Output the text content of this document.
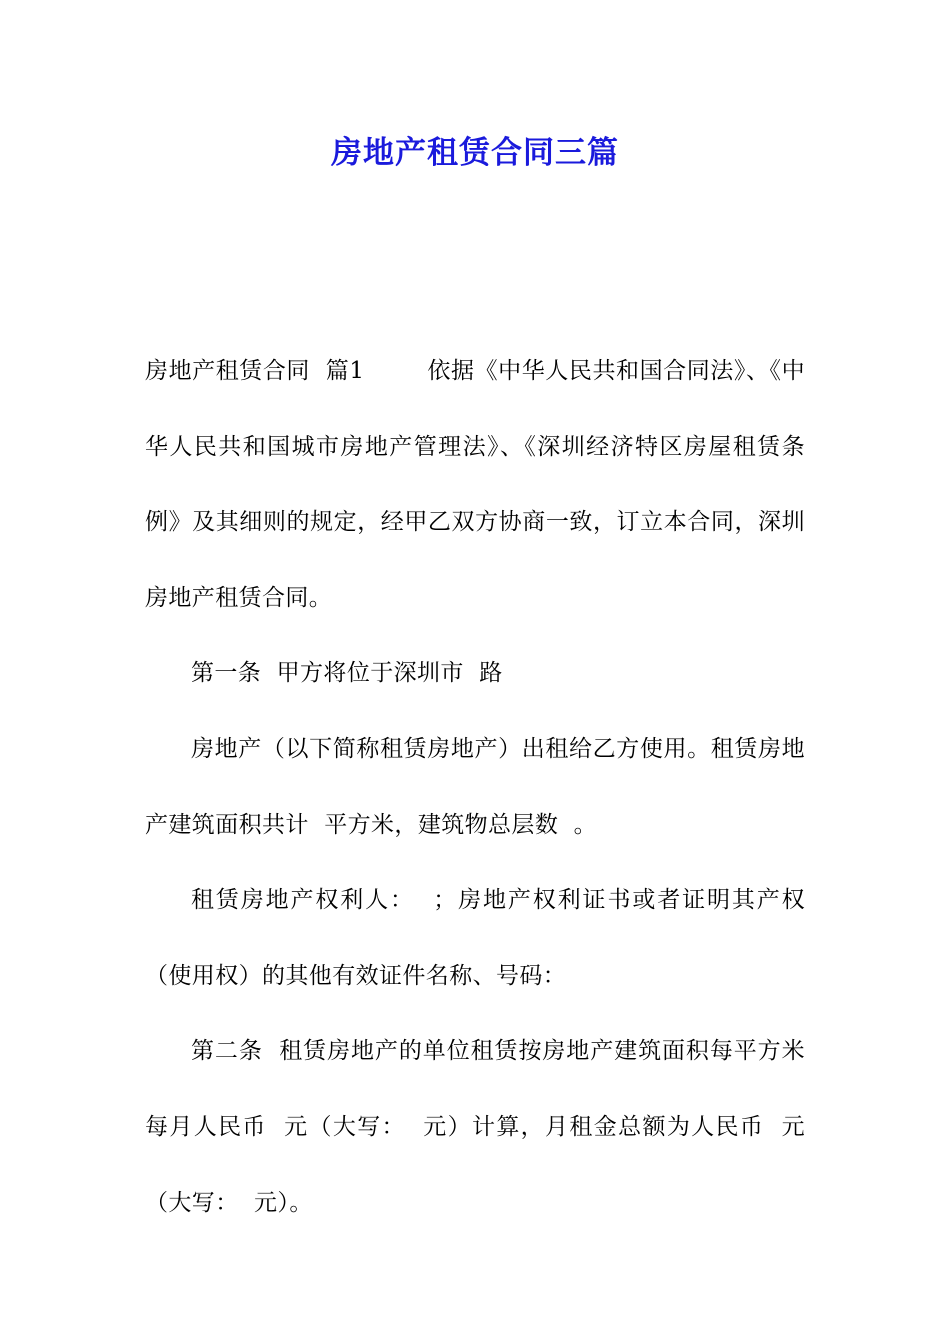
房地产租赁合同三篇

房地产租赁合同  篇1        依据《中华人民共和国合同法》、《中华人民共和国城市房地产管理法》、《深圳经济特区房屋租赁条例》及其细则的规定，经甲乙双方协商一致，订立本合同，深圳房地产租赁合同。

第一条  甲方将位于深圳市  路

房地产（以下简称租赁房地产）出租给乙方使用。租赁房地产建筑面积共计  平方米，建筑物总层数  。

租赁房地产权利人：  ；房地产权利证书或者证明其产权（使用权）的其他有效证件名称、号码：

第二条  租赁房地产的单位租赁按房地产建筑面积每平方米每月人民币  元（大写：  元）计算，月租金总额为人民币  元（大写：  元）。
